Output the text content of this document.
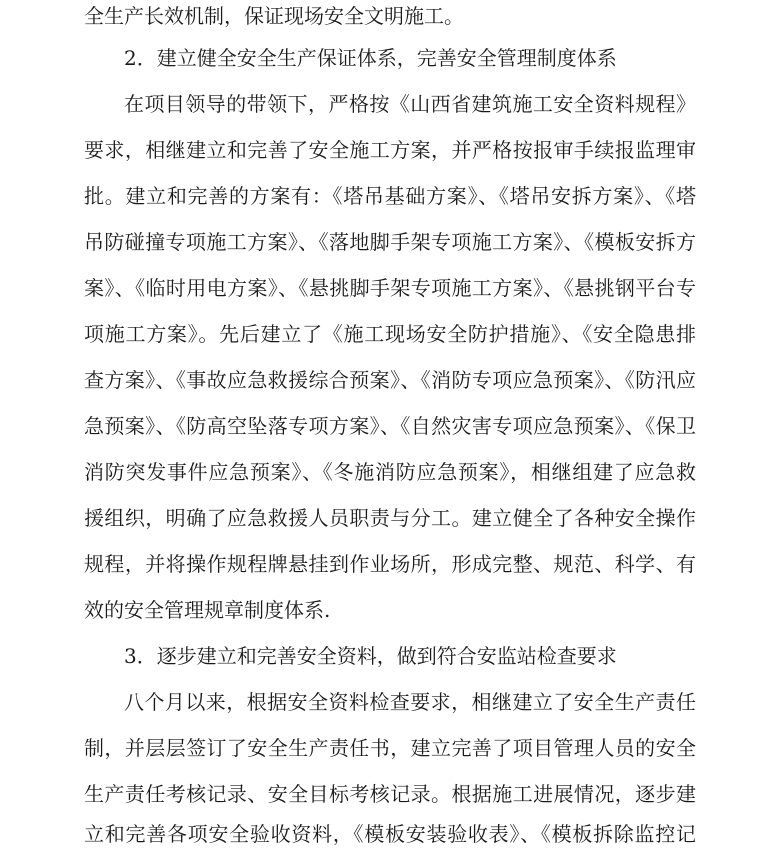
全生产长效机制，保证现场安全文明施工。
2．建立健全安全生产保证体系，完善安全管理制度体系
在项目领导的带领下，严格按《山西省建筑施工安全资料规程》
要求，相继建立和完善了安全施工方案，并严格按报审手续报监理审
批。建立和完善的方案有：《塔吊基础方案》、《塔吊安拆方案》、《塔
吊防碰撞专项施工方案》、《落地脚手架专项施工方案》、《模板安拆方
案》、《临时用电方案》、《悬挑脚手架专项施工方案》、《悬挑钢平台专
项施工方案》。先后建立了《施工现场安全防护措施》、《安全隐患排
查方案》、《事故应急救援综合预案》、《消防专项应急预案》、《防汛应
急预案》、《防高空坠落专项方案》、《自然灾害专项应急预案》、《保卫
消防突发事件应急预案》、《冬施消防应急预案》，相继组建了应急救
援组织，明确了应急救援人员职责与分工。建立健全了各种安全操作
规程，并将操作规程牌悬挂到作业场所，形成完整、规范、科学、有
效的安全管理规章制度体系.
3．逐步建立和完善安全资料，做到符合安监站检查要求
八个月以来，根据安全资料检查要求，相继建立了安全生产责任
制，并层层签订了安全生产责任书，建立完善了项目管理人员的安全
生产责任考核记录、安全目标考核记录。根据施工进展情况，逐步建
立和完善各项安全验收资料，《模板安装验收表》、《模板拆除监控记
